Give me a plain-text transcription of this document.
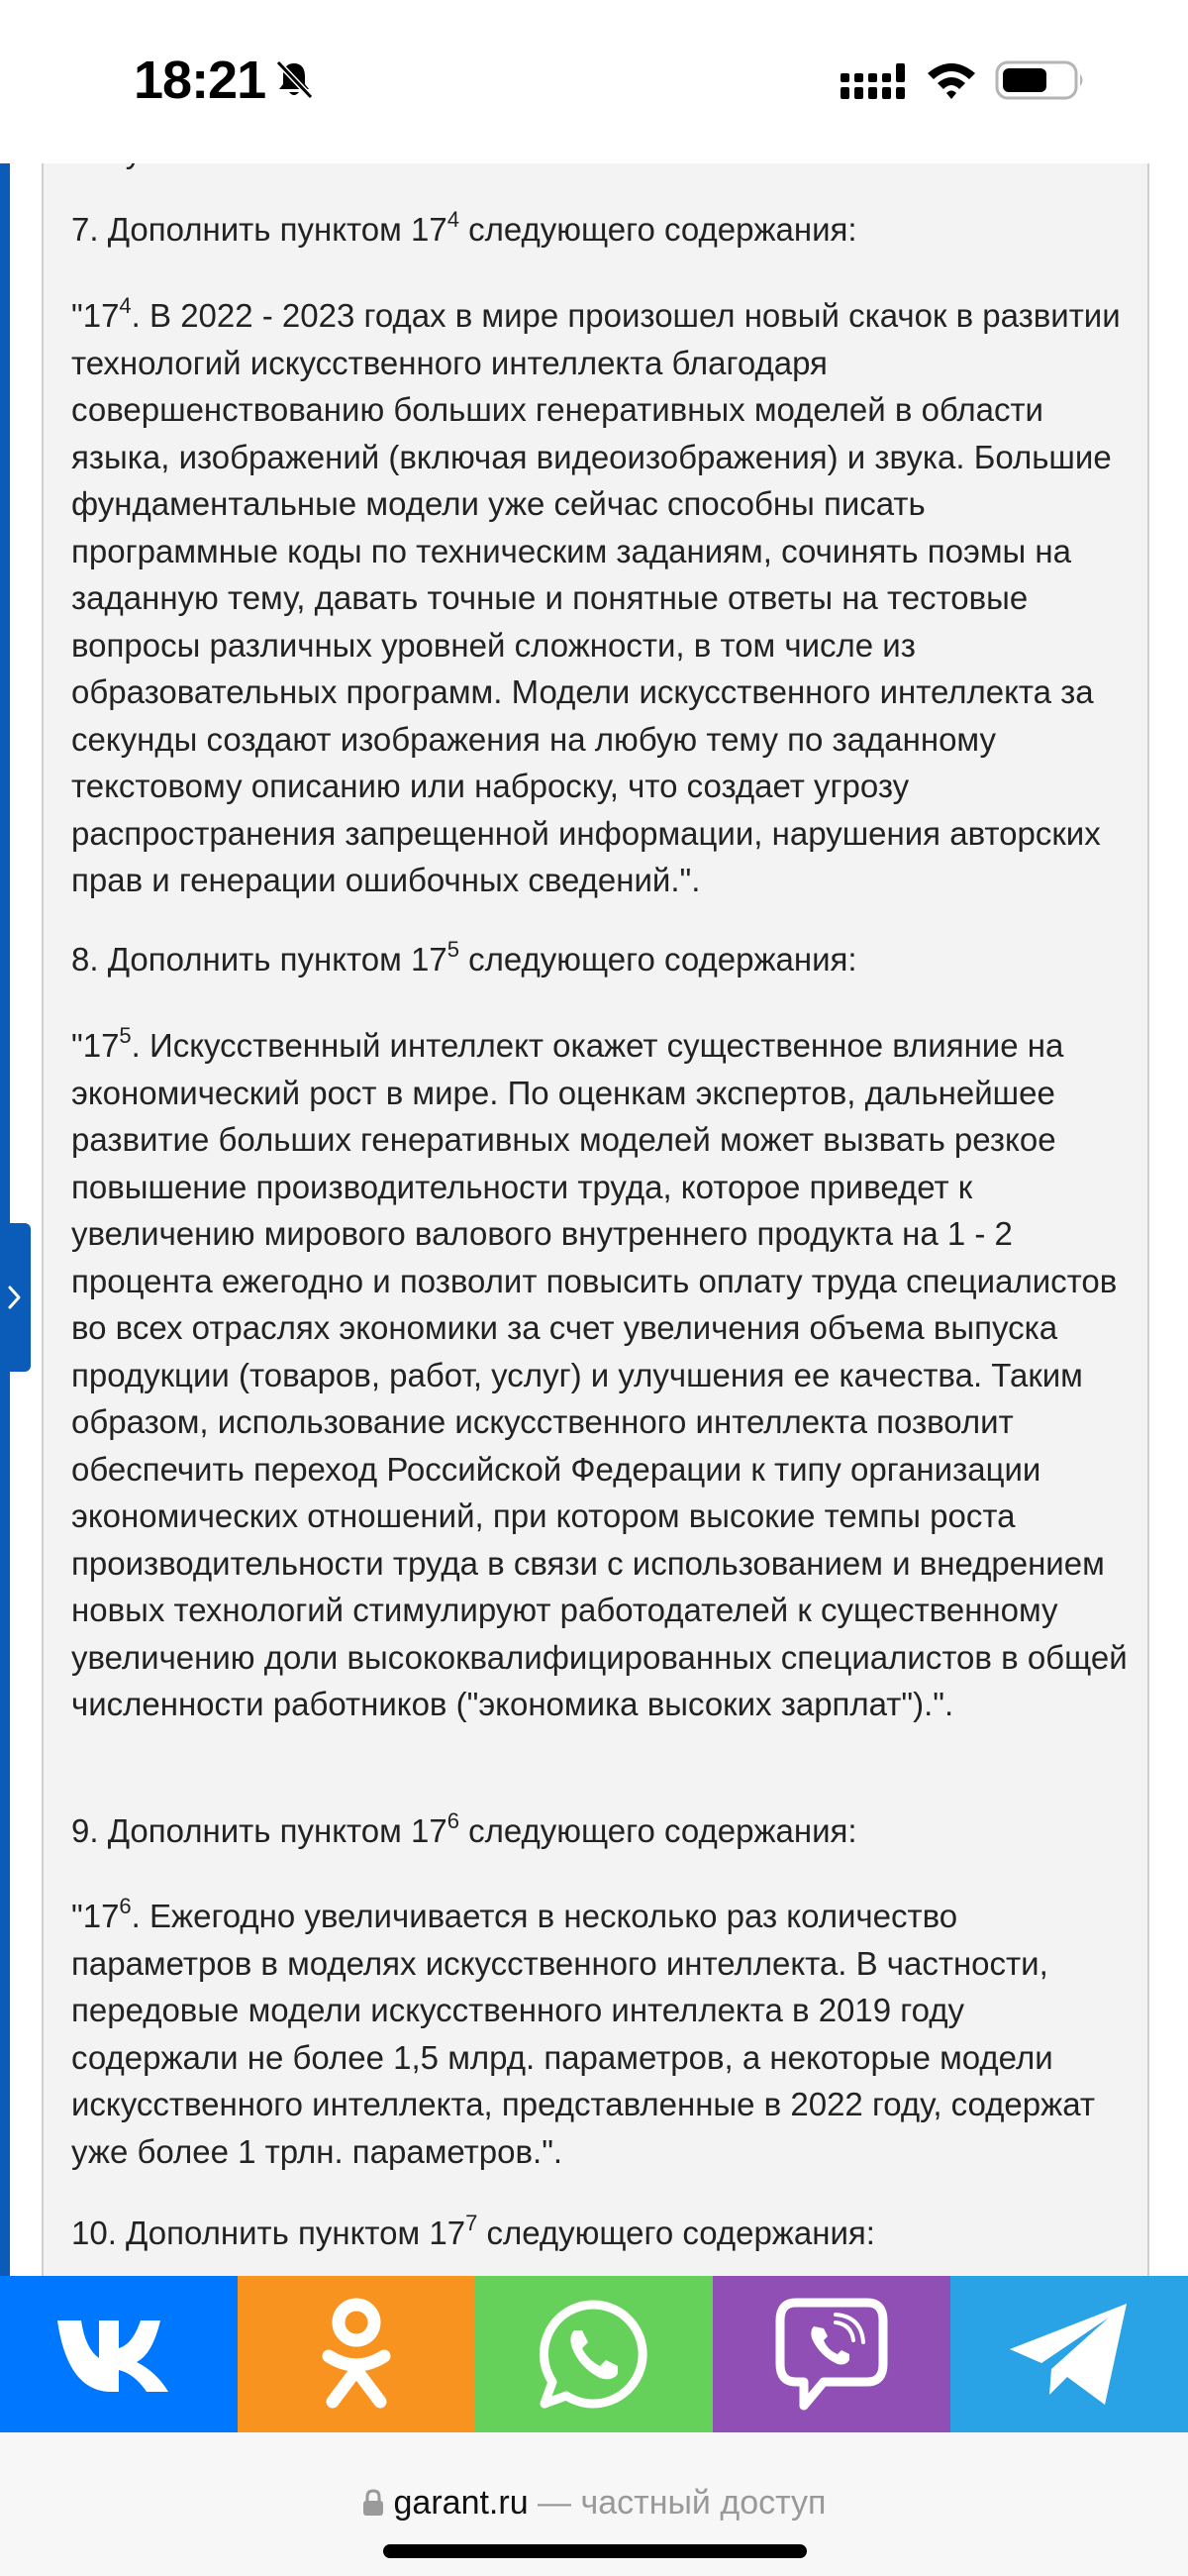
18:21

7. Дополнить пунктом $17^4$ следующего содержания:

"$17^4$. В 2022 - 2023 годах в мире произошел новый скачок в развитии технологий искусственного интеллекта благодаря совершенствованию больших генеративных моделей в области языка, изображений (включая видеоизображения) и звука. Большие фундаментальные модели уже сейчас способны писать программные коды по техническим заданиям, сочинять поэмы на заданную тему, давать точные и понятные ответы на тестовые вопросы различных уровней сложности, в том числе из образовательных программ. Модели искусственного интеллекта за секунды создают изображения на любую тему по заданному текстовому описанию или наброску, что создает угрозу распространения запрещенной информации, нарушения авторских прав и генерации ошибочных сведений.".

8. Дополнить пунктом $17^5$ следующего содержания:

"$17^5$. Искусственный интеллект окажет существенное влияние на экономический рост в мире. По оценкам экспертов, дальнейшее развитие больших генеративных моделей может вызвать резкое повышение производительности труда, которое приведет к увеличению мирового валового внутреннего продукта на 1 - 2 процента ежегодно и позволит повысить оплату труда специалистов во всех отраслях экономики за счет увеличения объема выпуска продукции (товаров, работ, услуг) и улучшения ее качества. Таким образом, использование искусственного интеллекта позволит обеспечить переход Российской Федерации к типу организации экономических отношений, при котором высокие темпы роста производительности труда в связи с использованием и внедрением новых технологий стимулируют работодателей к существенному увеличению доли высококвалифицированных специалистов в общей численности работников ("экономика высоких зарплат").".

9. Дополнить пунктом $17^6$ следующего содержания:

"$17^6$. Ежегодно увеличивается в несколько раз количество параметров в моделях искусственного интеллекта. В частности, передовые модели искусственного интеллекта в 2019 году содержали не более 1,5 млрд. параметров, а некоторые модели искусственного интеллекта, представленные в 2022 году, содержат уже более 1 трлн. параметров.".

10. Дополнить пунктом $17^7$ следующего содержания:

garant.ru — частный доступ
